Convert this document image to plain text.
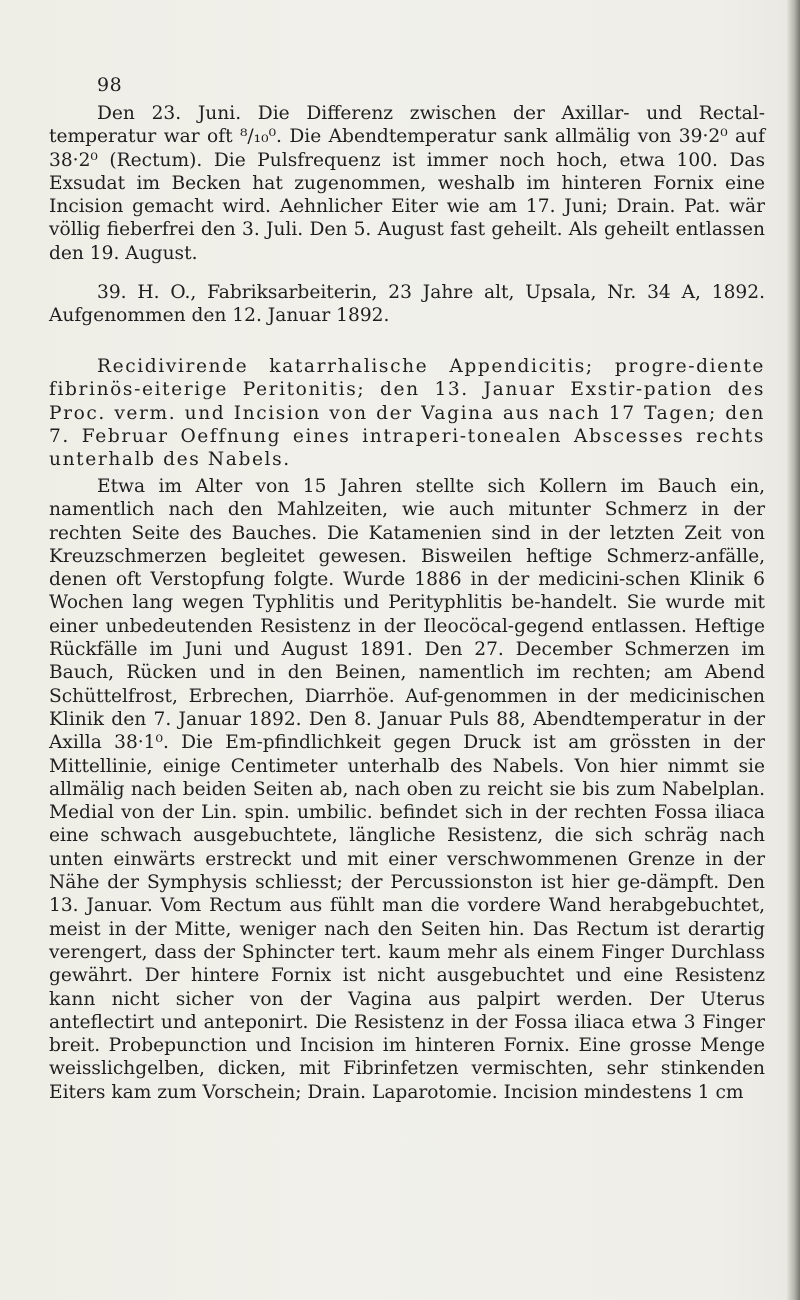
98

Den 23. Juni. Die Differenz zwischen der Axillar- und Rectal-temperatur war oft ⁸/₁₀⁰. Die Abendtemperatur sank allmälig von 39·2⁰ auf 38·2⁰ (Rectum). Die Pulsfrequenz ist immer noch hoch, etwa 100. Das Exsudat im Becken hat zugenommen, weshalb im hinteren Fornix eine Incision gemacht wird. Aehnlicher Eiter wie am 17. Juni; Drain. Pat. wär völlig fieberfrei den 3. Juli. Den 5. August fast geheilt. Als geheilt entlassen den 19. August.

39. H. O., Fabriksarbeiterin, 23 Jahre alt, Upsala, Nr. 34 A, 1892. Aufgenommen den 12. Januar 1892.

Recidivirende katarrhalische Appendicitis; progre-diente fibrinös-eiterige Peritonitis; den 13. Januar Exstir-pation des Proc. verm. und Incision von der Vagina aus nach 17 Tagen; den 7. Februar Oeffnung eines intraperi-tonealen Abscesses rechts unterhalb des Nabels.

Etwa im Alter von 15 Jahren stellte sich Kollern im Bauch ein, namentlich nach den Mahlzeiten, wie auch mitunter Schmerz in der rechten Seite des Bauches. Die Katamenien sind in der letzten Zeit von Kreuzschmerzen begleitet gewesen. Bisweilen heftige Schmerz-anfälle, denen oft Verstopfung folgte. Wurde 1886 in der medicini-schen Klinik 6 Wochen lang wegen Typhlitis und Perityphlitis be-handelt. Sie wurde mit einer unbedeutenden Resistenz in der Ileocöcal-gegend entlassen. Heftige Rückfälle im Juni und August 1891. Den 27. December Schmerzen im Bauch, Rücken und in den Beinen, namentlich im rechten; am Abend Schüttelfrost, Erbrechen, Diarrhöe. Auf-genommen in der medicinischen Klinik den 7. Januar 1892. Den 8. Januar Puls 88, Abendtemperatur in der Axilla 38·1⁰. Die Em-pfindlichkeit gegen Druck ist am grössten in der Mittellinie, einige Centimeter unterhalb des Nabels. Von hier nimmt sie allmälig nach beiden Seiten ab, nach oben zu reicht sie bis zum Nabelplan. Medial von der Lin. spin. umbilic. befindet sich in der rechten Fossa iliaca eine schwach ausgebuchtete, längliche Resistenz, die sich schräg nach unten einwärts erstreckt und mit einer verschwommenen Grenze in der Nähe der Symphysis schliesst; der Percussionston ist hier ge-dämpft. Den 13. Januar. Vom Rectum aus fühlt man die vordere Wand herabgebuchtet, meist in der Mitte, weniger nach den Seiten hin. Das Rectum ist derartig verengert, dass der Sphincter tert. kaum mehr als einem Finger Durchlass gewährt. Der hintere Fornix ist nicht ausgebuchtet und eine Resistenz kann nicht sicher von der Vagina aus palpirt werden. Der Uterus anteflectirt und anteponirt. Die Resistenz in der Fossa iliaca etwa 3 Finger breit. Probepunction und Incision im hinteren Fornix. Eine grosse Menge weisslichgelben, dicken, mit Fibrinfetzen vermischten, sehr stinkenden Eiters kam zum Vorschein; Drain. Laparotomie. Incision mindestens 1 cm
